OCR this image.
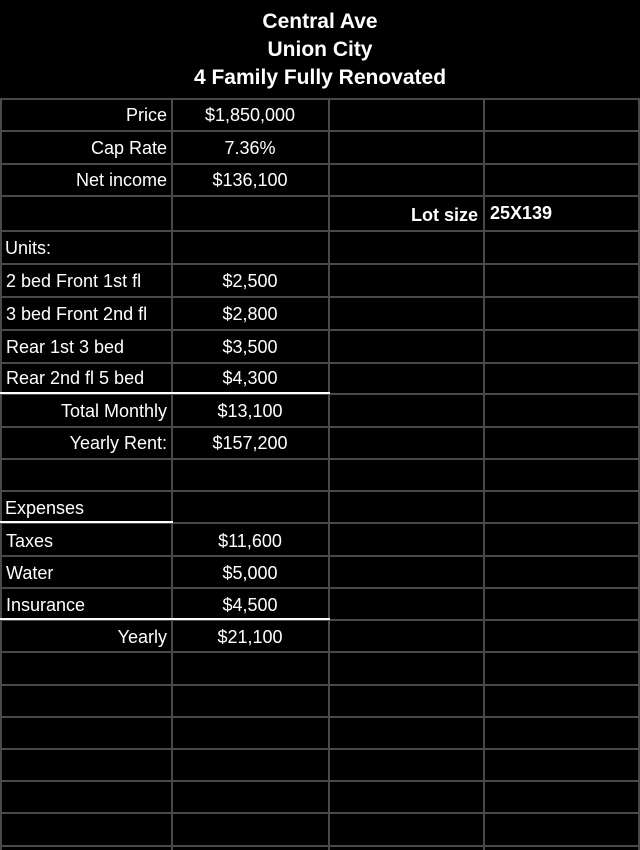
Central Ave
Union City
4 Family Fully Renovated
Price	$1,850,000
Cap Rate	7.36%
Net income	$136,100
Lot size 25X139
Units:
2 bed Front 1st fl	$2,500
3 bed Front 2nd fl	$2,800
Rear 1st 3 bed	$3,500
Rear 2nd fl 5 bed	$4,300
Total Monthly	$13,100
Yearly Rent:	$157,200
Expenses
Taxes	$11,600
Water	$5,000
Insurance	$4,500
Yearly	$21,100
